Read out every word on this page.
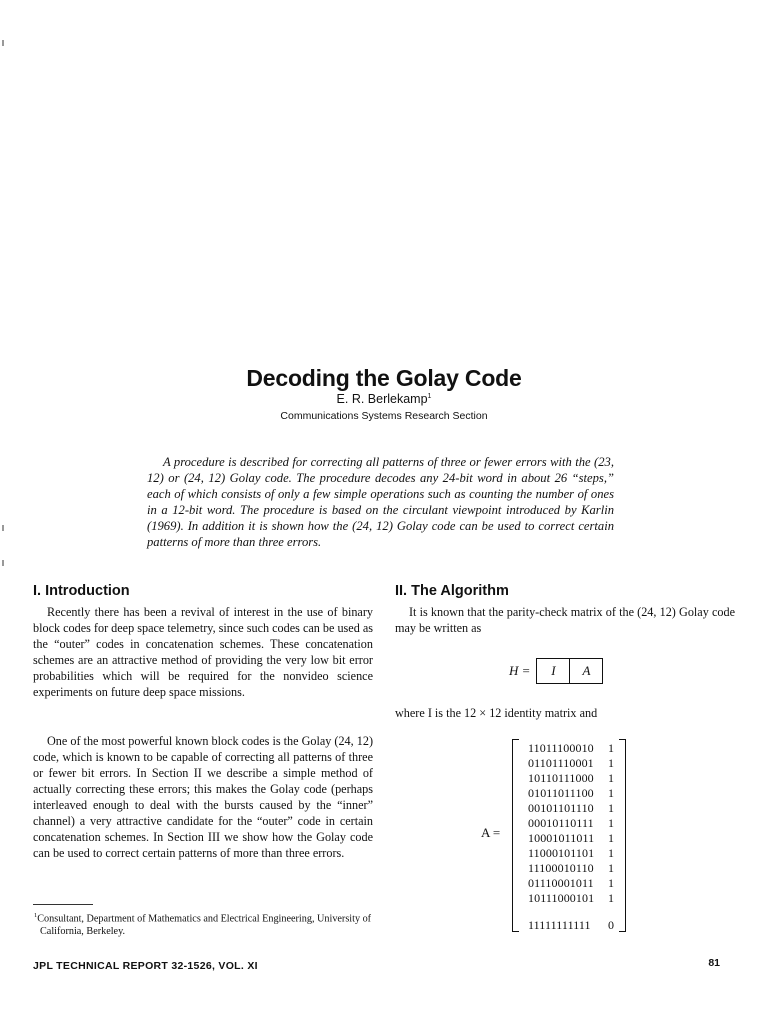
Decoding the Golay Code
E. R. Berlekamp$^1$
Communications Systems Research Section

A procedure is described for correcting all patterns of three or fewer errors with the (23, 12) or (24, 12) Golay code. The procedure decodes any 24-bit word in about 26 “steps,” each of which consists of only a few simple operations such as counting the number of ones in a 12-bit word. The procedure is based on the circulant viewpoint introduced by Karlin (1969). In addition it is shown how the (24, 12) Golay code can be used to correct certain patterns of more than three errors.

I. Introduction

Recently there has been a revival of interest in the use of binary block codes for deep space telemetry, since such codes can be used as the “outer” codes in concatenation schemes. These concatenation schemes are an attractive method of providing the very low bit error probabilities which will be required for the nonvideo science experiments on future deep space missions.

One of the most powerful known block codes is the Golay (24, 12) code, which is known to be capable of correcting all patterns of three or fewer bit errors. In Section II we describe a simple method of actually correcting these errors; this makes the Golay code (perhaps interleaved enough to deal with the bursts caused by the “inner” channel) a very attractive candidate for the “outer” code in certain concatenation schemes. In Section III we show how the Golay code can be used to correct certain patterns of more than three errors.

II. The Algorithm

It is known that the parity-check matrix of the (24, 12) Golay code may be written as

H =	I	A

where I is the 12 × 12 identity matrix and

A =
11011100010	1
01101110001	1
10110111000	1
01011011100	1
00101101110	1
00010110111	1
10001011011	1
11000101101	1
11100010110	1
01110001011	1
10111000101	1
11111111111	0

$^1$Consultant, Department of Mathematics and Electrical Engineering, University of California, Berkeley.

JPL TECHNICAL REPORT 32-1526, VOL. XI	81
